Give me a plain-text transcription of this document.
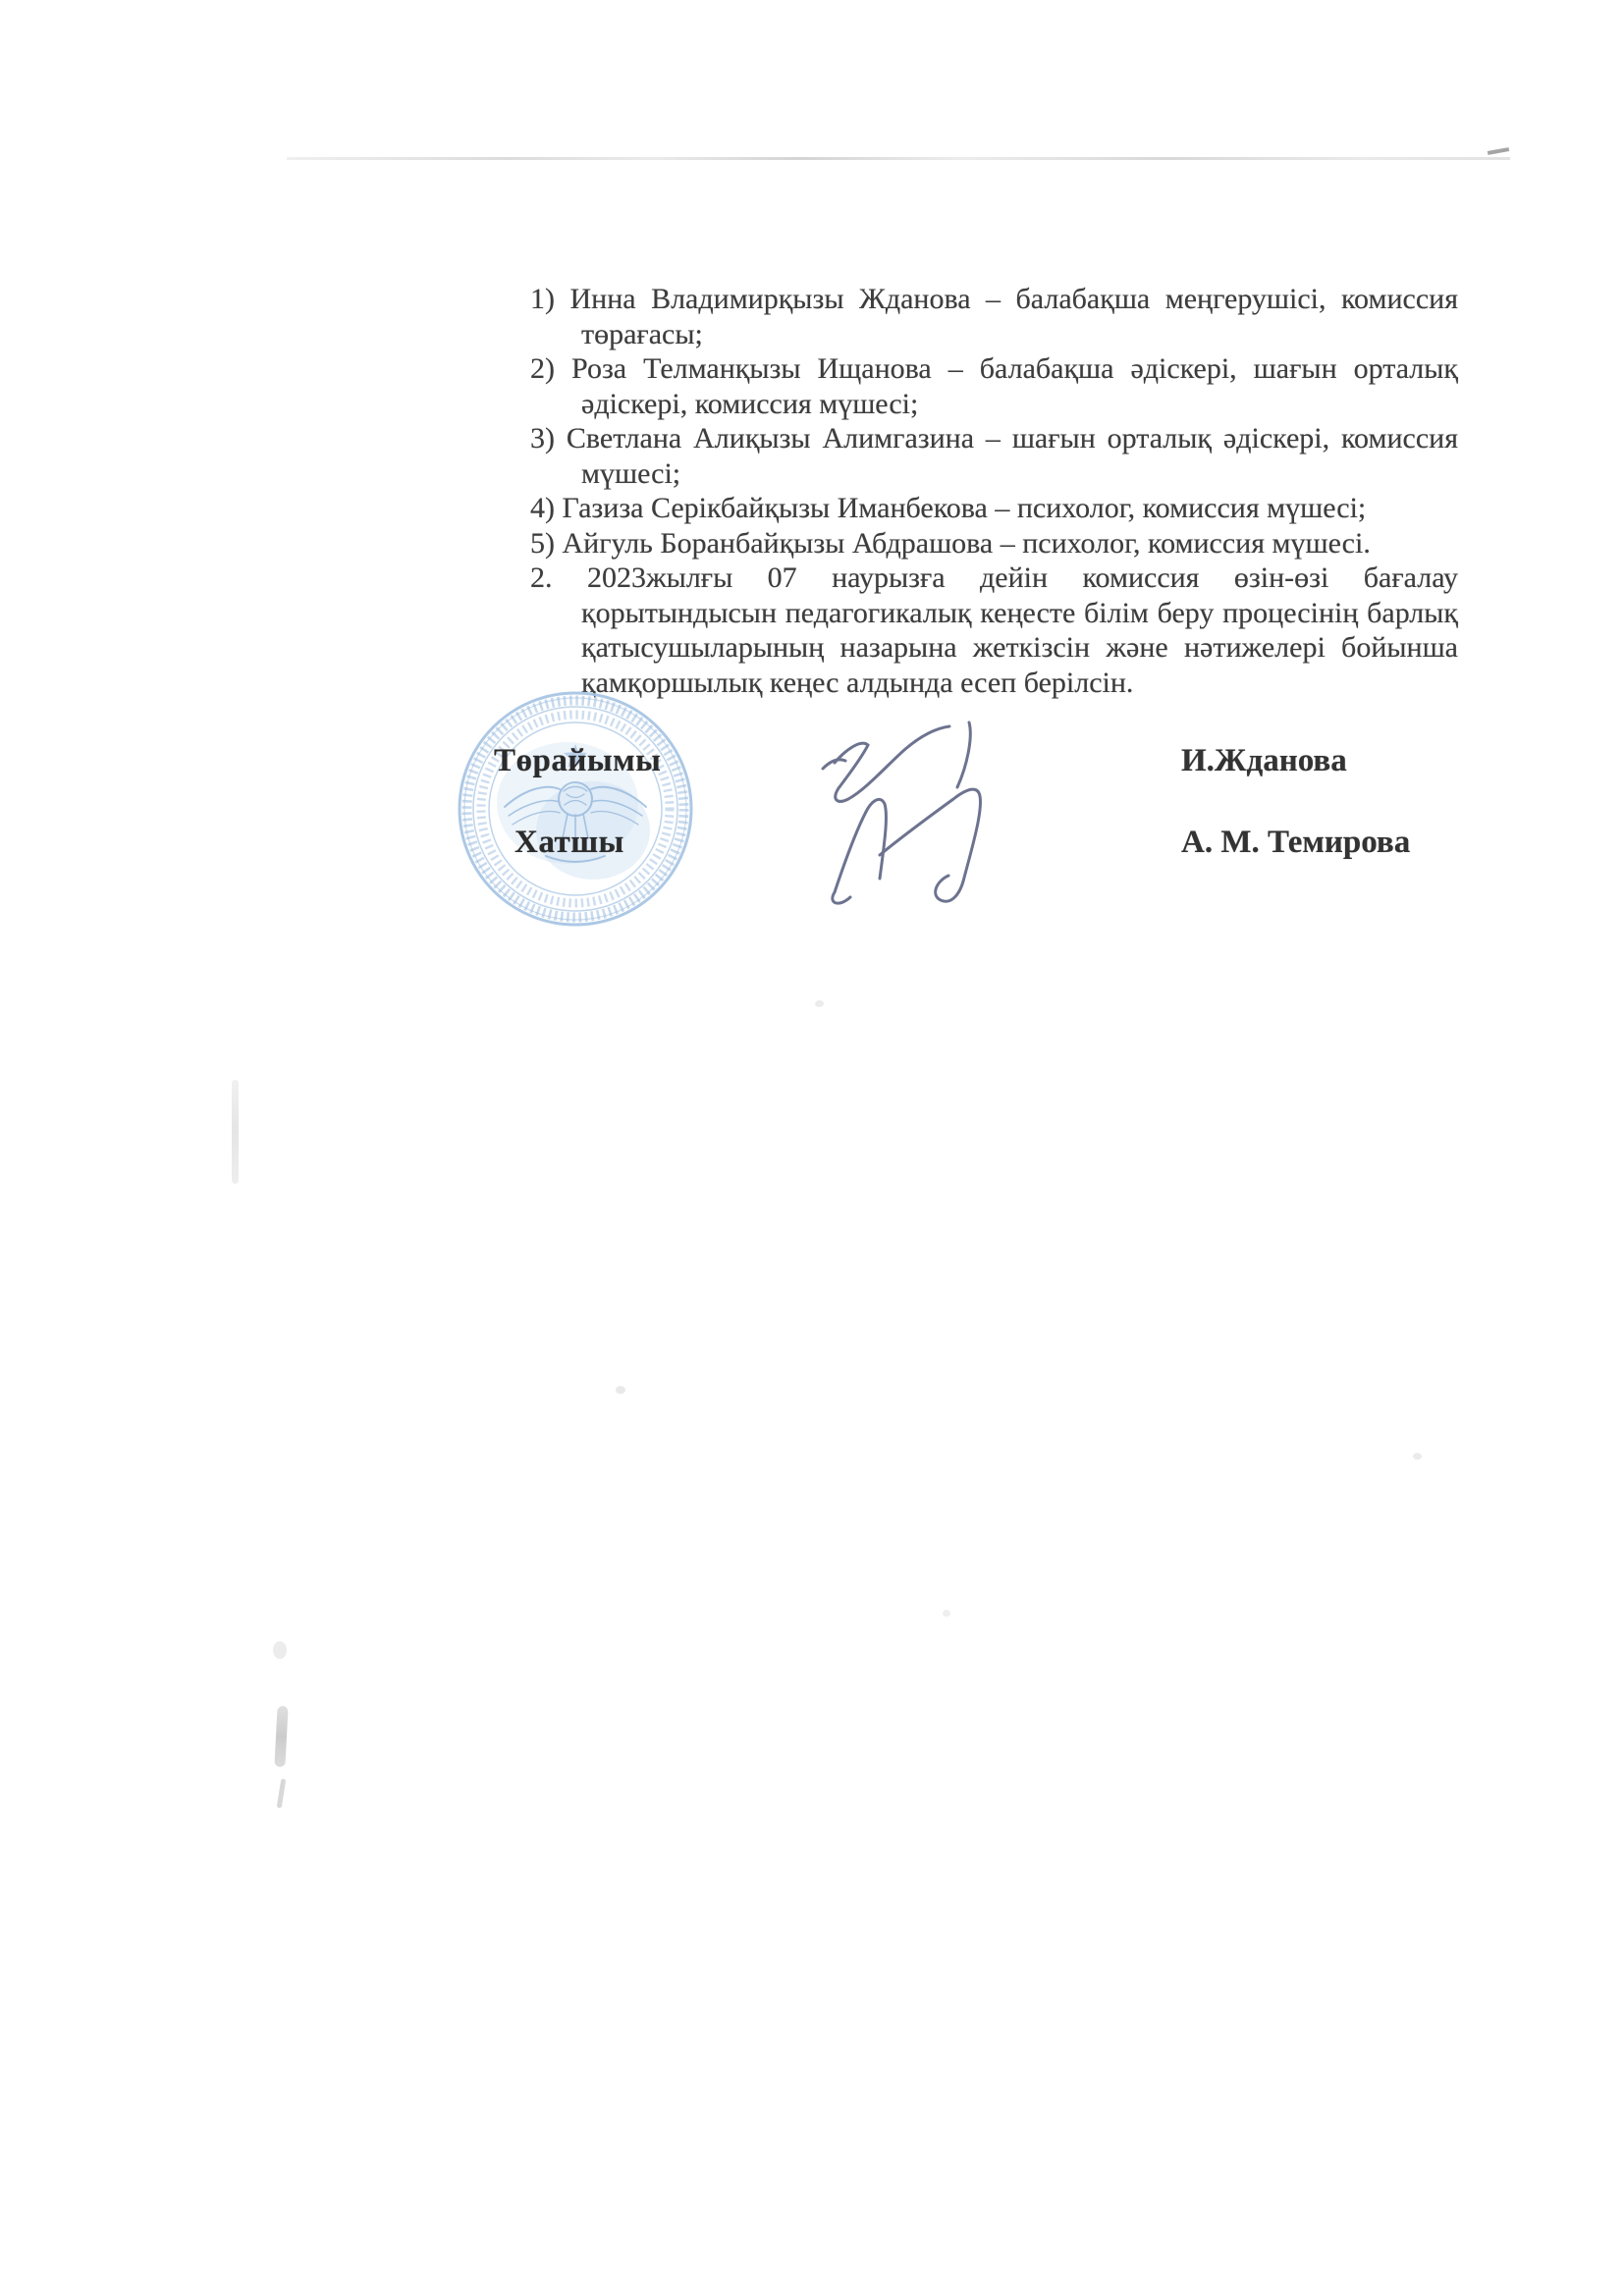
1) Инна Владимирқызы Жданова – балабақша меңгерушісі, комиссия
төрағасы;
2) Роза Телманқызы Ищанова – балабақша әдіскері, шағын орталық
әдіскері, комиссия мүшесі;
3) Светлана Алиқызы Алимгазина – шағын орталық әдіскері, комиссия
мүшесі;
4) Газиза Серікбайқызы Иманбекова – психолог, комиссия мүшесі;
5) Айгуль Боранбайқызы Абдрашова – психолог, комиссия мүшесі.
2. 2023жылғы 07 наурызға дейін комиссия өзін-өзі бағалау
қорытындысын педагогикалық кеңесте білім беру процесінің барлық
қатысушыларының назарына жеткізсін және нәтижелері бойынша
қамқоршылық кеңес алдында есеп берілсін.
Төрайымы
Хатшы
И.Жданова
А. М. Темирова
